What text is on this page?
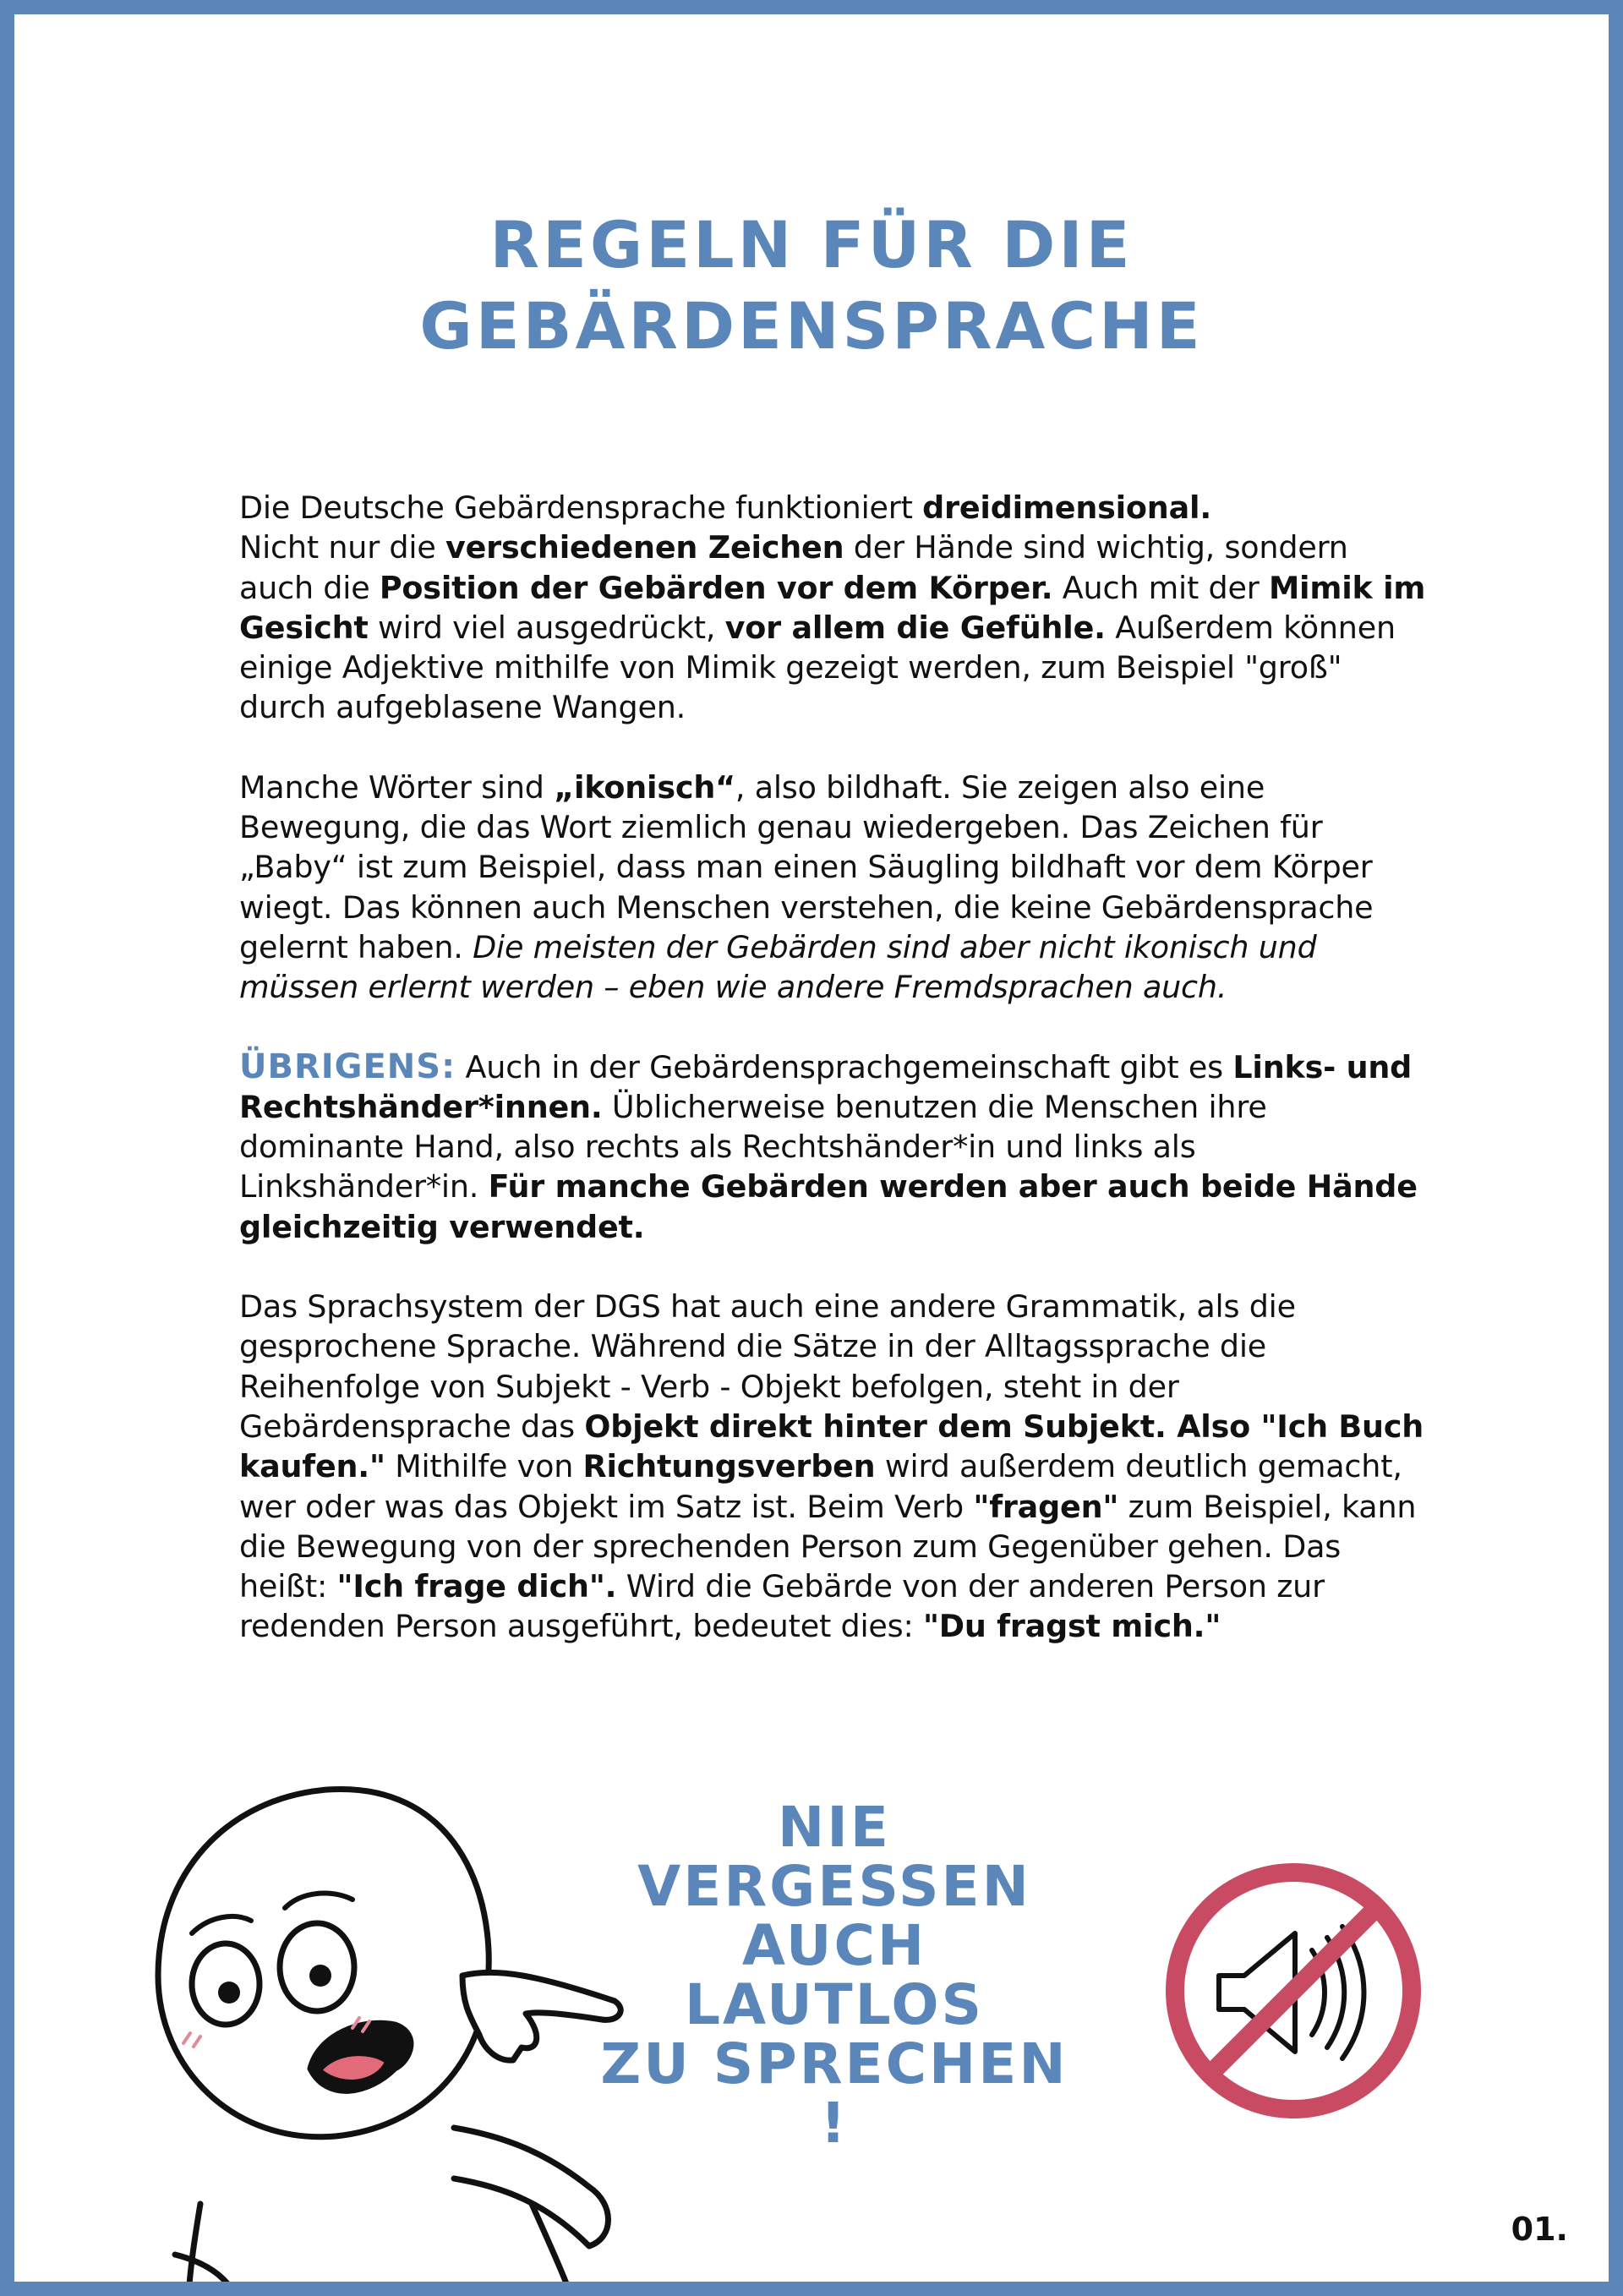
REGELN FÜR DIE
GEBÄRDENSPRACHE

Die Deutsche Gebärdensprache funktioniert dreidimensional.
Nicht nur die verschiedenen Zeichen der Hände sind wichtig, sondern auch die Position der Gebärden vor dem Körper. Auch mit der Mimik im Gesicht wird viel ausgedrückt, vor allem die Gefühle. Außerdem können einige Adjektive mithilfe von Mimik gezeigt werden, zum Beispiel "groß" durch aufgeblasene Wangen.

Manche Wörter sind „ikonisch“, also bildhaft. Sie zeigen also eine Bewegung, die das Wort ziemlich genau wiedergeben. Das Zeichen für „Baby“ ist zum Beispiel, dass man einen Säugling bildhaft vor dem Körper wiegt. Das können auch Menschen verstehen, die keine Gebärdensprache gelernt haben. Die meisten der Gebärden sind aber nicht ikonisch und müssen erlernt werden – eben wie andere Fremdsprachen auch.

ÜBRIGENS: Auch in der Gebärdensprachgemeinschaft gibt es Links- und Rechtshänder*innen. Üblicherweise benutzen die Menschen ihre dominante Hand, also rechts als Rechtshänder*in und links als Linkshänder*in. Für manche Gebärden werden aber auch beide Hände gleichzeitig verwendet.

Das Sprachsystem der DGS hat auch eine andere Grammatik, als die gesprochene Sprache. Während die Sätze in der Alltagssprache die Reihenfolge von Subjekt - Verb - Objekt befolgen, steht in der Gebärdensprache das Objekt direkt hinter dem Subjekt. Also "Ich Buch kaufen." Mithilfe von Richtungsverben wird außerdem deutlich gemacht, wer oder was das Objekt im Satz ist. Beim Verb "fragen" zum Beispiel, kann die Bewegung von der sprechenden Person zum Gegenüber gehen. Das heißt: "Ich frage dich". Wird die Gebärde von der anderen Person zur redenden Person ausgeführt, bedeutet dies: "Du fragst mich."

NIE VERGESSEN
AUCH LAUTLOS
ZU SPRECHEN !
01.
